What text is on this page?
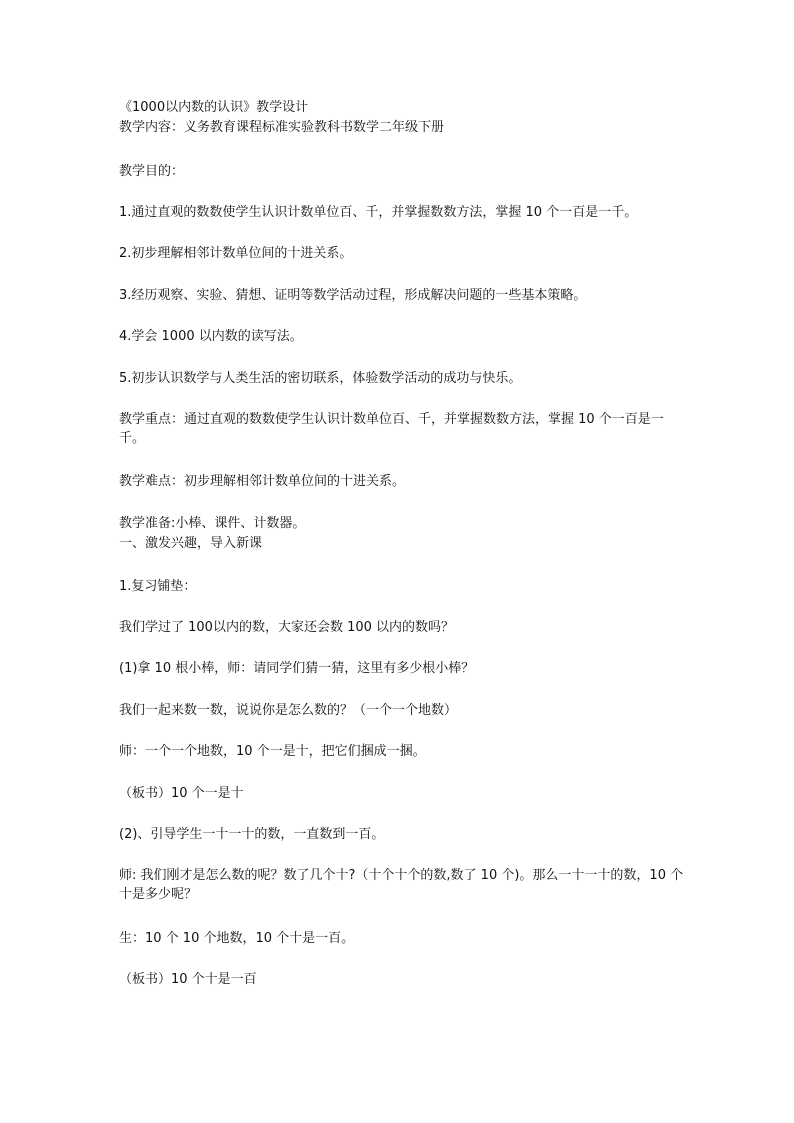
《1000以内数的认识》教学设计
教学内容：义务教育课程标准实验教科书数学二年级下册
教学目的：
1.通过直观的数数使学生认识计数单位百、千，并掌握数数方法，掌握 10 个一百是一千。
2.初步理解相邻计数单位间的十进关系。
3.经历观察、实验、猜想、证明等数学活动过程，形成解决问题的一些基本策略。
4.学会 1000 以内数的读写法。
5.初步认识数学与人类生活的密切联系，体验数学活动的成功与快乐。
教学重点：通过直观的数数使学生认识计数单位百、千，并掌握数数方法，掌握 10 个一百是一千。
教学难点：初步理解相邻计数单位间的十进关系。
教学准备:小棒、课件、计数器。
一、激发兴趣，导入新课
1.复习铺垫：
我们学过了 100以内的数，大家还会数 100 以内的数吗？
(1)拿 10 根小棒，师：请同学们猜一猜，这里有多少根小棒？
我们一起来数一数，说说你是怎么数的？（一个一个地数）
师：一个一个地数，10 个一是十，把它们捆成一捆。
（板书）10 个一是十
(2)、引导学生一十一十的数，一直数到一百。
师: 我们刚才是怎么数的呢？数了几个十?（十个十个的数,数了 10 个)。那么一十一十的数，10 个十是多少呢？
生：10 个 10 个地数，10 个十是一百。
（板书）10 个十是一百
